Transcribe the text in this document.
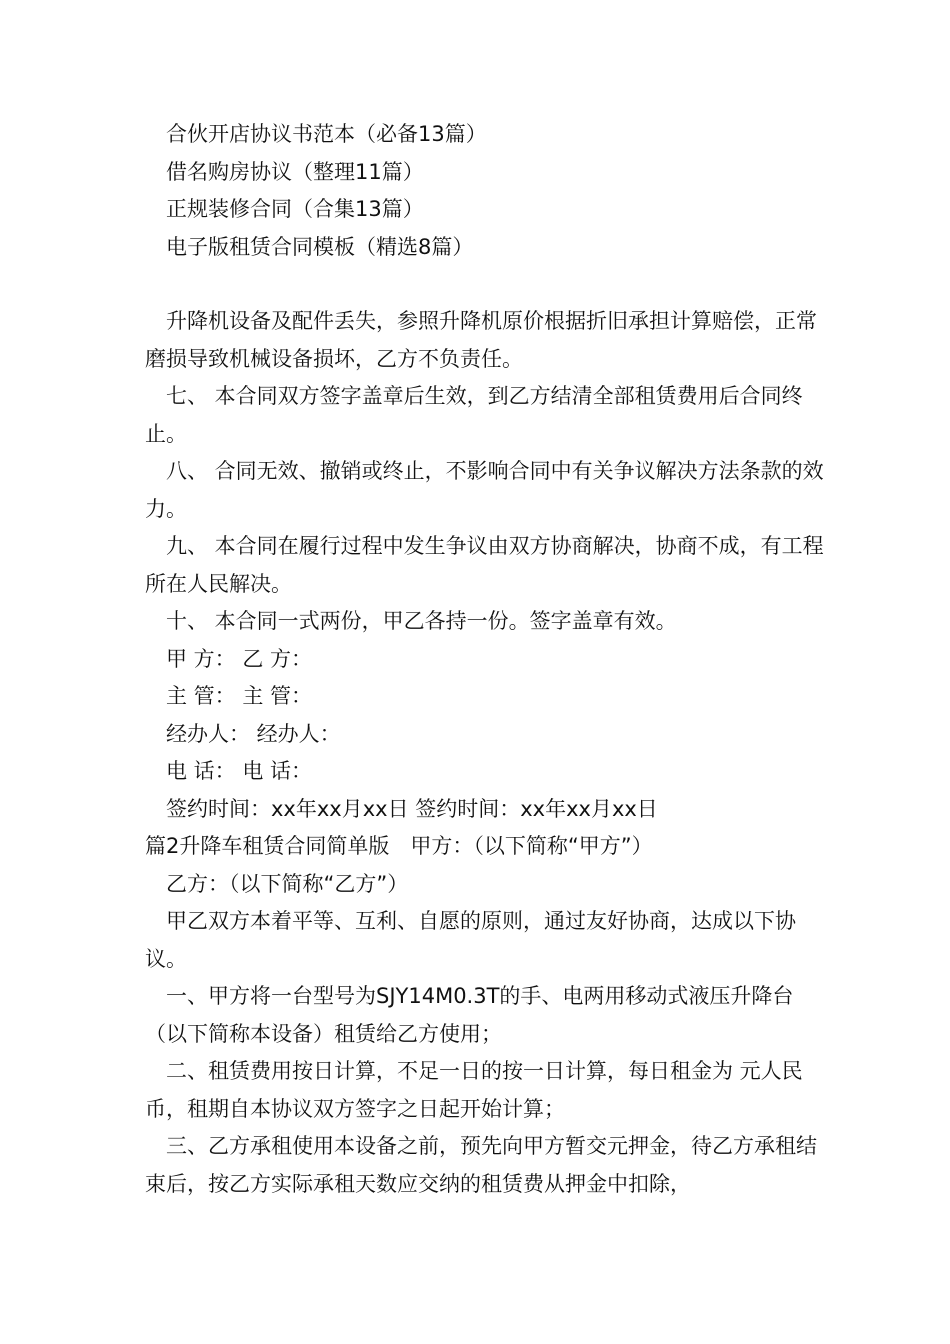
合伙开店协议书范本（必备13篇）
借名购房协议（整理11篇）
正规装修合同（合集13篇）
电子版租赁合同模板（精选8篇）

升降机设备及配件丢失，参照升降机原价根据折旧承担计算赔偿，正常磨损导致机械设备损坏，乙方不负责任。

七、 本合同双方签字盖章后生效，到乙方结清全部租赁费用后合同终止。

八、 合同无效、撤销或终止，不影响合同中有关争议解决方法条款的效力。

九、 本合同在履行过程中发生争议由双方协商解决，协商不成，有工程所在人民解决。

十、 本合同一式两份，甲乙各持一份。签字盖章有效。

甲 方： 乙 方：

主 管： 主 管：

经办人： 经办人：

电 话： 电 话：

签约时间：xx年xx月xx日 签约时间：xx年xx月xx日

篇2升降车租赁合同简单版　甲方：（以下简称“甲方”）

乙方：（以下简称“乙方”）

甲乙双方本着平等、互利、自愿的原则，通过友好协商，达成以下协议。

一、甲方将一台型号为SJY14M0.3T的手、电两用移动式液压升降台（以下简称本设备）租赁给乙方使用；

二、租赁费用按日计算，不足一日的按一日计算，每日租金为 元人民币，租期自本协议双方签字之日起开始计算；

三、乙方承租使用本设备之前，预先向甲方暂交元押金，待乙方承租结束后，按乙方实际承租天数应交纳的租赁费从押金中扣除，
